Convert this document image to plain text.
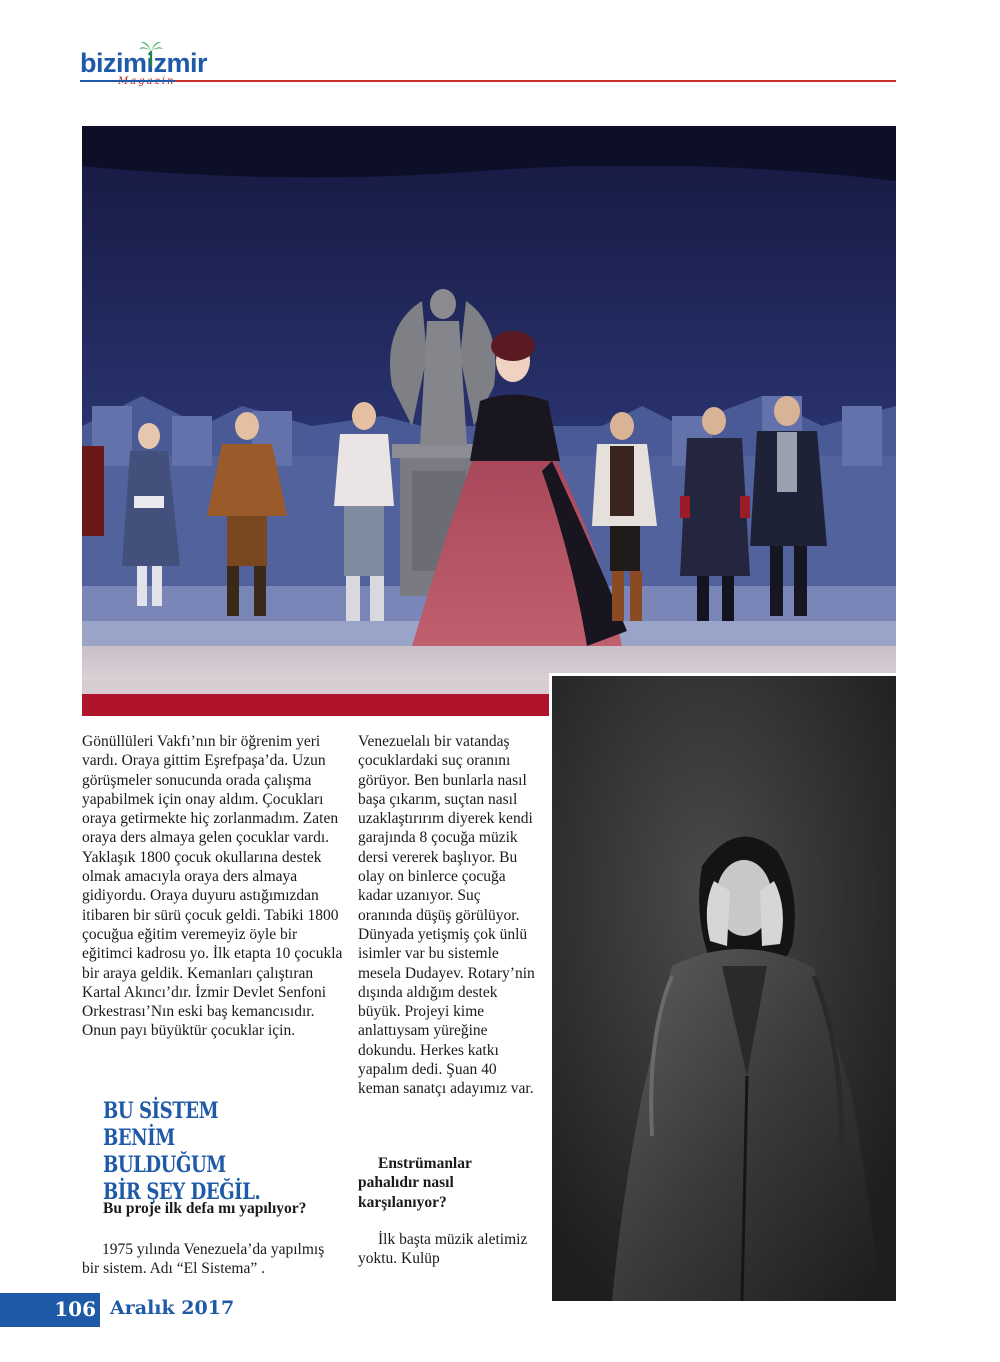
bizimizmir

Gönüllüleri Vakfı’nın bir öğrenim yeri vardı. Oraya gittim Eşrefpaşa’da. Uzun görüşmeler sonucunda orada çalışma yapabilmek için onay aldım. Çocukları oraya getirmekte hiç zorlanmadım. Zaten oraya ders almaya gelen çocuklar vardı. Yaklaşık 1800 çocuk okullarına destek olmak amacıyla oraya ders almaya gidiyordu. Oraya duyuru astığımızdan itibaren bir sürü çocuk geldi. Tabiki 1800 çocuğua eğitim veremeyiz öyle bir eğitimci kadrosu yo. İlk etapta 10 çocukla bir araya geldik. Kemanları çalıştıran Kartal Akıncı’dır. İzmir Devlet Senfoni Orkestrası’Nın eski baş kemancısıdır. Onun payı büyüktür çocuklar için.

BU SİSTEM BENİM
BULDUĞUM
BİR ŞEY DEĞİL.
Bu proje ilk defa mı yapılıyor?

1975 yılında Venezuela’da yapılmış bir sistem. Adı “El Sistema” .

Venezuelalı bir vatandaş çocuklardaki suç oranını görüyor. Ben bunlarla nasıl başa çıkarım, suçtan nasıl uzaklaştırırım diyerek kendi garajında 8 çocuğa müzik dersi vererek başlıyor. Bu olay on binlerce çocuğa kadar uzanıyor. Suç oranında düşüş görülüyor. Dünyada yetişmiş çok ünlü isimler var bu sistemle mesela Dudayev. Rotary’nin dışında aldığım destek büyük. Projeyi kime anlattıysam yüreğine dokundu. Herkes katkı yapalım dedi. Şuan 40 keman sanatçı adayımız var.

Enstrümanlar pahalıdır nasıl karşılanıyor?

İlk başta müzik aletimiz yoktu. Kulüp

106 Aralık 2017
